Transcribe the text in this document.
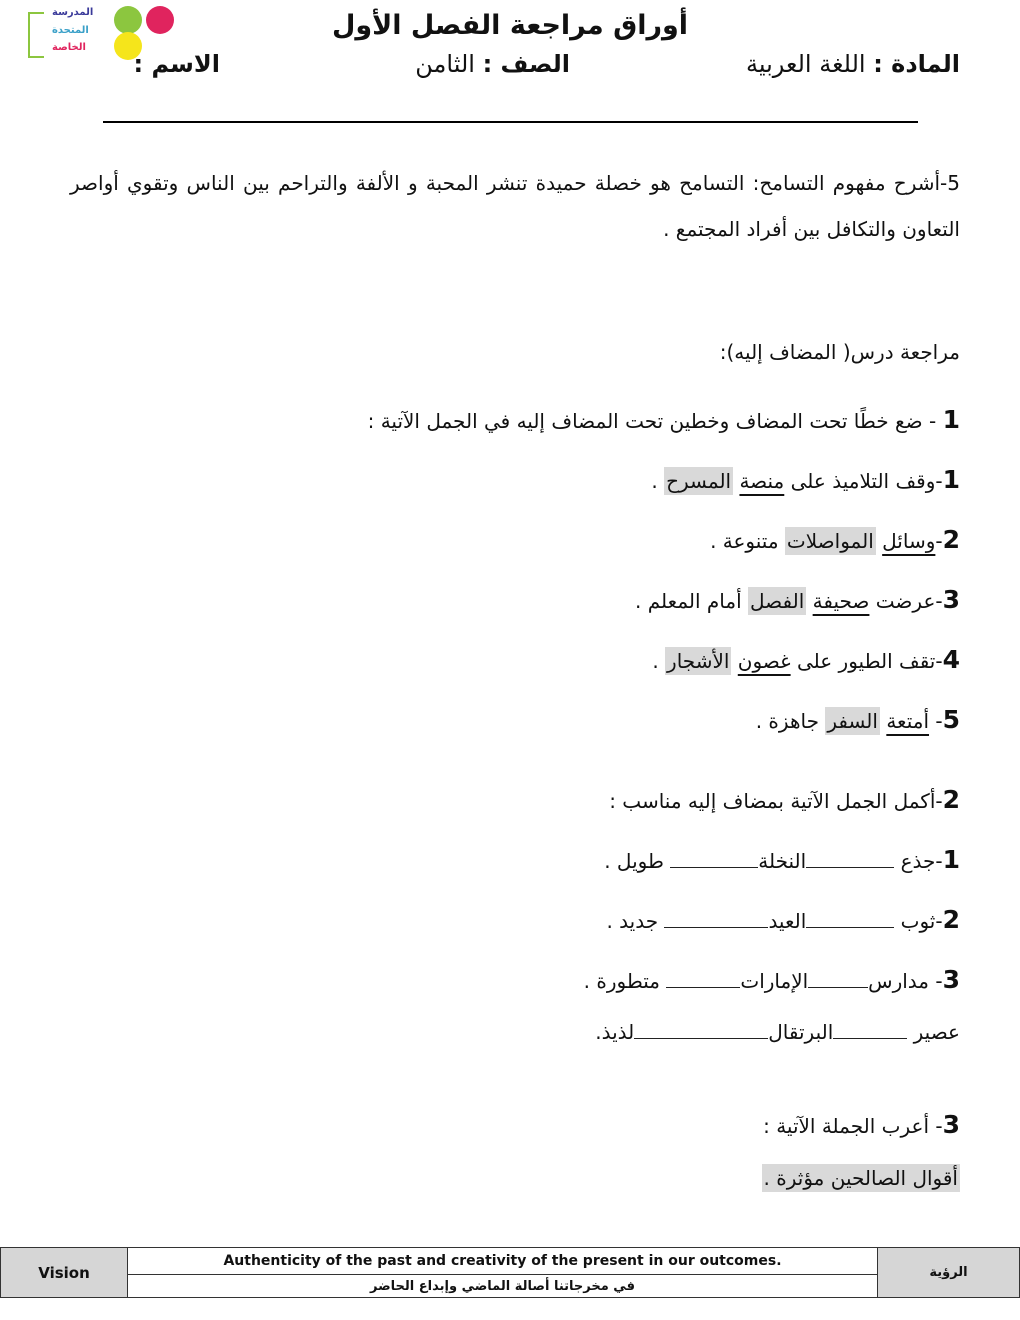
المدرسة
المتحدة
الخاصة
أوراق مراجعة الفصل الأول
المادة : اللغة العربية
الصف : الثامن
الاسم :
5-أشرح مفهوم التسامح: التسامح هو خصلة حميدة تنشر المحبة و الألفة والتراحم بين الناس وتقوي أواصر
التعاون والتكافل بين أفراد المجتمع .
مراجعة درس( المضاف إليه):
1 - ضع خطًا تحت المضاف وخطين تحت المضاف إليه في الجمل الآتية :
1-وقف التلاميذ على منصة المسرح .
2-وسائل المواصلات متنوعة .
3-عرضت صحيفة الفصل أمام المعلم .
4-تقف الطيور على غصون الأشجار .
5- أمتعة السفر جاهزة .
2-أكمل الجمل الآتية بمضاف إليه مناسب :
1-جذع النخلة طويل .
2-ثوب العيد جديد .
3- مدارسالإمارات متطورة .
عصير البرتقاللذيذ.
3- أعرب الجملة الآتية :
أقوال الصالحين مؤثرة .
Vision
Authenticity of the past and creativity of the present in our outcomes.
في مخرجاتنا أصالة الماضي وإبداع الحاضر
الرؤية
